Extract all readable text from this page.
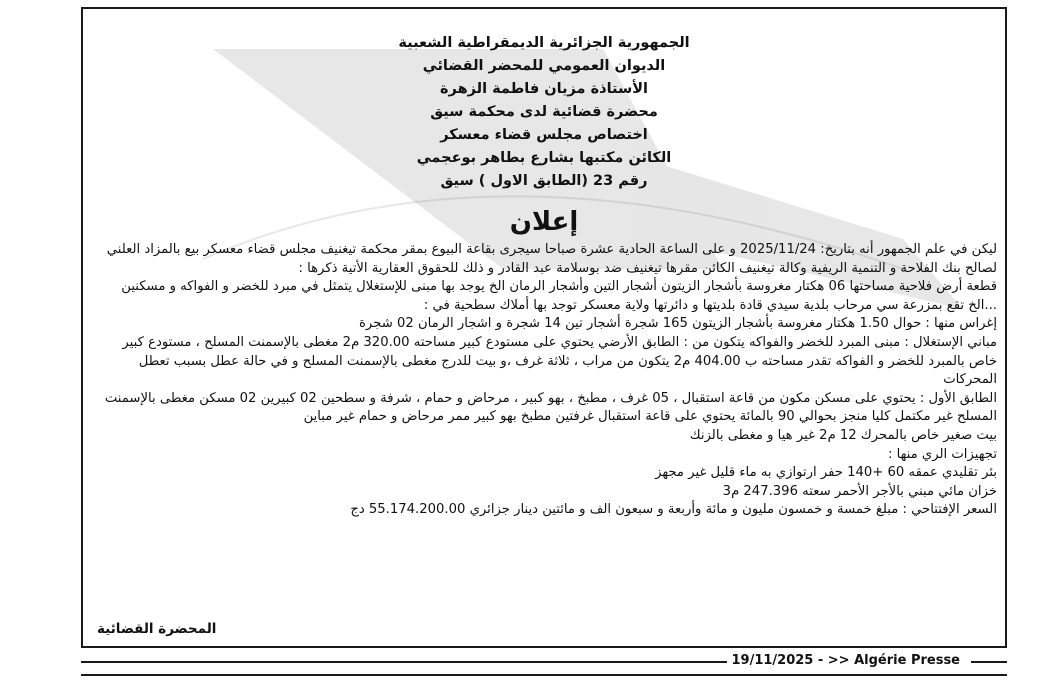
الجمهورية الجزائرية الديمقراطية الشعبية
الديوان العمومي للمحضر القضائي
الأستاذة مزيان فاطمة الزهرة
محضرة قضائية لدى محكمة سيق
اختصاص مجلس قضاء معسكر
الكائن مكتبها بشارع بطاهر بوعجمي
رقم 23 (الطابق الاول ) سيق
إعلان

ليكن في علم الجمهور أنه بتاريخ: 2025/11/24 و على الساعة الحادية عشرة صباحا سيجرى بقاعة البيوع بمقر محكمة تيغنيف مجلس قضاء معسكر بيع بالمزاد العلني لصالح بنك الفلاحة و التنمية الريفية وكالة تيغنيف الكائن مقرها تيغنيف ضد بوسلامة عبد القادر و ذلك للحقوق العقارية الأتية ذكرها :

قطعة أرض فلاحية مساحتها 06 هكتار مغروسة بأشجار الزيتون أشجار التين وأشجار الرمان الخ يوجد بها مبنى للإستغلال يتمثل في مبرد للخضر و الفواكه و مسكنين ...الخ تقع بمزرعة سي مرحاب بلدية سيدي قادة بلديتها و دائرتها ولاية معسكر توجد بها أملاك سطحية في :

إغراس منها : حوال 1.50 هكتار مغروسة بأشجار الزيتون 165 شجرة أشجار تين 14 شجرة و اشجار الرمان 02 شجرة

مباني الإستغلال : مبنى المبرد للخضر والفواكه يتكون من : الطابق الأرضي يحتوي على مستودع كبير مساحته 320.00 م2 مغطى بالإسمنت المسلح ، مستودع كبير خاص بالمبرد للخضر و الفواكه تقدر مساحته ب 404.00 م2 يتكون من مراب ، ثلاثة غرف ،و بيت للدرج مغطى بالإسمنت المسلح و في حالة عطل بسبب تعطل المحركات

الطابق الأول : يحتوي على مسكن مكون من قاعة استقبال ، 05 غرف ، مطبخ ، بهو كبير ، مرحاض و حمام ، شرفة و سطحين 02 كبيرين 02 مسكن مغطى بالإسمنت المسلح غير مكتمل كليا منجز بحوالي 90 بالمائة يحتوي على قاعة استقبال غرفتين مطبخ بهو كبير ممر مرحاض و حمام غير مباين

بيت صغير خاص بالمحرك 12 م2 غير هيا و مغطى بالزنك

تجهيزات الري منها :

بئر تقليدي عمقه 60 +140 حفر ارتوازي به ماء قليل غير مجهز

خزان مائي مبني بالأجر الأحمر سعته 247.396 م3

السعر الإفتتاحي : مبلغ خمسة و خمسون مليون و مائة وأربعة و سبعون الف و مائتين دينار جزائري 55.174.200.00 دج

المحضرة القضائية
19/11/2025 - >> Algérie Presse
